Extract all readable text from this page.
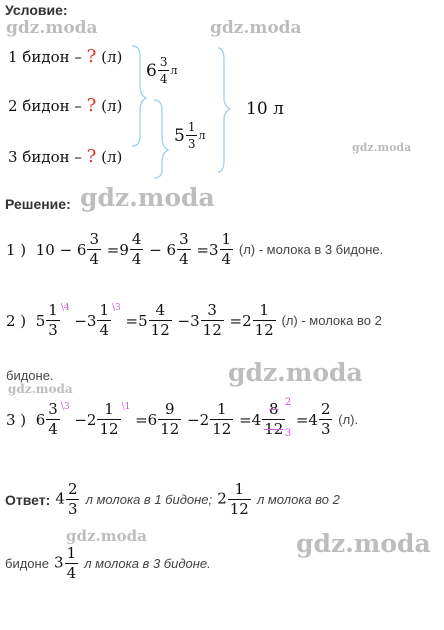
Условие:
Решение:
gdz.moda	gdz.moda
gdz.moda
gdz.moda
gdz.moda
gdz.moda
gdz.moda	gdz.moda
1 бидон – ? (л)
2 бидон – ? (л)
3 бидон – ? (л)
$6 \frac{3}{4}$ л
$5 \frac{1}{3}$ л
10 л
1 ) $10 - 6 \frac{3}{4} =9 \frac{4}{4} - 6 \frac{3}{4} =3 \frac{1}{4}$
(л) - молока в 3 бидоне.
2 ) $5 \frac{1}{3}$ \4
$-3 \frac{1}{4}$ \3
$=5 \frac{4}{12} -3 \frac{3}{12} =2 \frac{1}{12}$
(л) - молока во 2
бидоне.
3 ) $6 \frac{3}{4}$ \3
$-2 \frac{1}{12}$ \1
$=6 \frac{9}{12} -2 \frac{1}{12} =4$
8
12
2
3
$=4 \frac{2}{3}$
(л).
Ответ:
$4 \frac{2}{3}$
л молока в 1 бидоне;
$2 \frac{1}{12}$
л молока во 2
бидоне
$3 \frac{1}{4}$
л молока в 3 бидоне.
